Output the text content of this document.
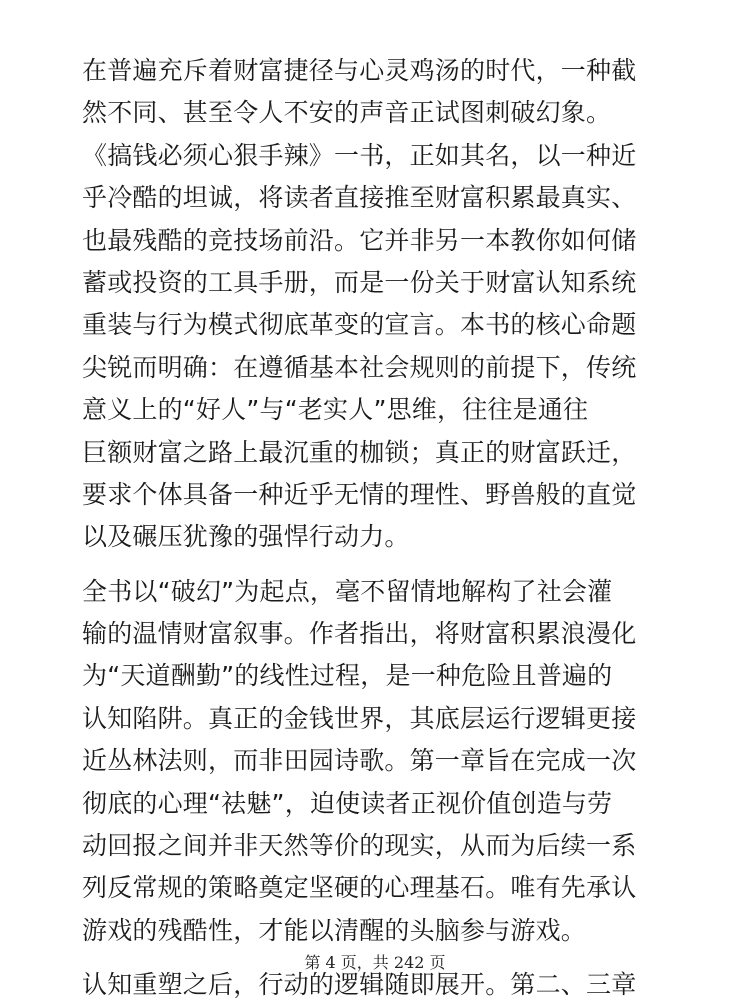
在普遍充斥着财富捷径与心灵鸡汤的时代，一种截
然不同、甚至令人不安的声音正试图刺破幻象。
《搞钱必须心狠手辣》一书，正如其名，以一种近
乎冷酷的坦诚，将读者直接推至财富积累最真实、
也最残酷的竞技场前沿。它并非另一本教你如何储
蓄或投资的工具手册，而是一份关于财富认知系统
重装与行为模式彻底革变的宣言。本书的核心命题
尖锐而明确：在遵循基本社会规则的前提下，传统
意义上的“好人”与“老实人”思维，往往是通往
巨额财富之路上最沉重的枷锁；真正的财富跃迁，
要求个体具备一种近乎无情的理性、野兽般的直觉
以及碾压犹豫的强悍行动力。
全书以“破幻”为起点，毫不留情地解构了社会灌
输的温情财富叙事。作者指出，将财富积累浪漫化
为“天道酬勤”的线性过程，是一种危险且普遍的
认知陷阱。真正的金钱世界，其底层运行逻辑更接
近丛林法则，而非田园诗歌。第一章旨在完成一次
彻底的心理“祛魅”，迫使读者正视价值创造与劳
动回报之间并非天然等价的现实，从而为后续一系
列反常规的策略奠定坚硬的心理基石。唯有先承认
游戏的残酷性，才能以清醒的头脑参与游戏。
认知重塑之后，行动的逻辑随即展开。第二、三章
第 4 页，共 242 页
